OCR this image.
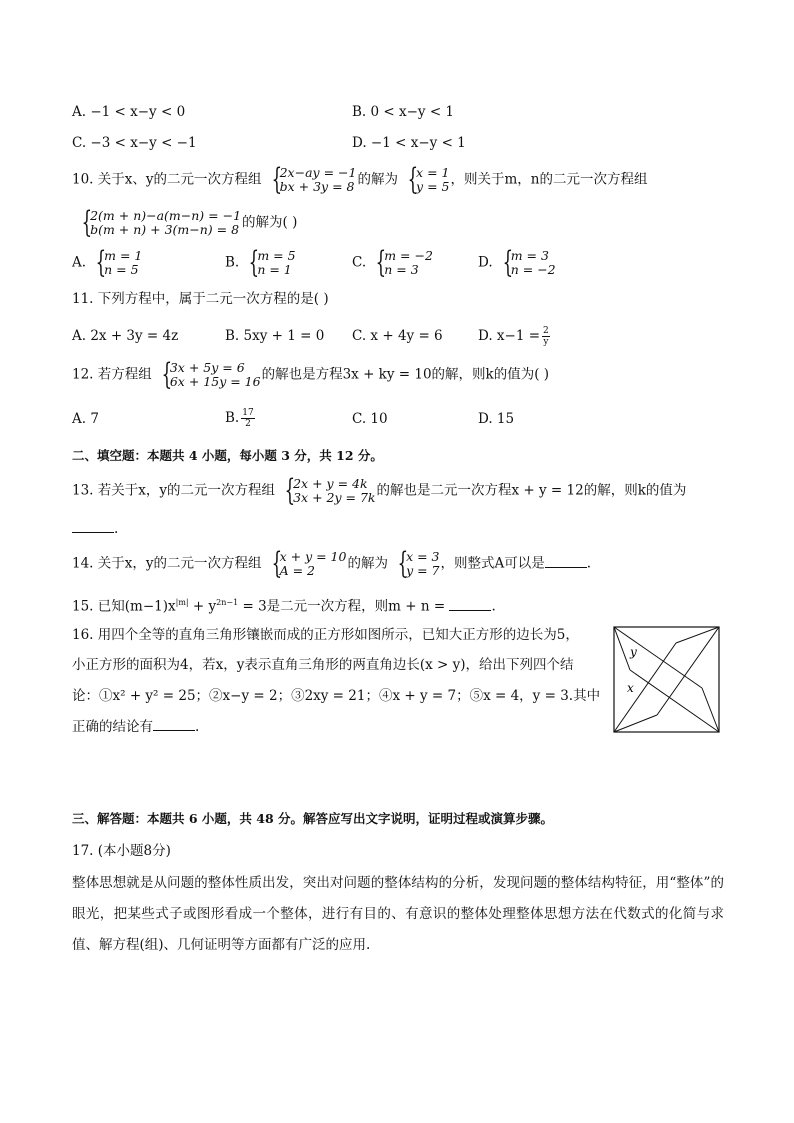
A. −1 < x−y < 0	B. 0 < x−y < 1
C. −3 < x−y < −1	D. −1 < x−y < 1
10. 关于x、y的二元一次方程组 {
2x−ay = −1
bx + 3y = 8 的解为 {
x = 1
y = 5 ，则关于m，n的二元一次方程组
{
2(m + n)−a(m−n) = −1
b(m + n) + 3(m−n) = 8 的解为( )
A. {
m = 1
n = 5	B. {
m = 5
n = 1	C. {
m = −2
n = 3	D. {
m = 3
n = −2
11. 下列方程中，属于二元一次方程的是( )
A. 2x + 3y = 4z	B. 5xy + 1 = 0 C. x + 4y = 6	D. $x-1 = \frac{2}{y}$
12. 若方程组 {
3x + 5y = 6
6x + 15y = 16 的解也是方程3x + ky = 10的解，则k的值为( )
A. 7	B. $\frac{17}{2}$	C. 10	D. 15
二、填空题：本题共 4 小题，每小题 3 分，共 12 分。
13. 若关于x，y的二元一次方程组 {
2x + y = 4k
3x + 2y = 7k 的解也是二元一次方程x + y = 12的解，则k的值为
.
14. 关于x，y的二元一次方程组 {
x + y = 10
A = 2	的解为 {
x = 3
y = 7 ，则整式A可以是	.
15. 已知$(m-1)x^{|m|} + y^{2n-1} = 3$是二元一次方程，则m + n =	.
16. 用四个全等的直角三角形镶嵌而成的正方形如图所示，已知大正方形的边长为5，
小正方形的面积为4，若x，y表示直角三角形的两直角边长(x > y)，给出下列四个结
论：①x² + y² = 25；②x−y = 2；③2xy = 21；④x + y = 7；⑤x = 4，y = 3.其中
正确的结论有	.
y
x
三、解答题：本题共 6 小题，共 48 分。解答应写出文字说明，证明过程或演算步骤。
17. (本小题8分)
整体思想就是从问题的整体性质出发，突出对问题的整体结构的分析，发现问题的整体结构特征，用“整体”的眼光，把某些式子或图形看成一个整体，进行有目的、有意识的整体处理整体思想方法在代数式的化简与求值、解方程(组)、几何证明等方面都有广泛的应用.
